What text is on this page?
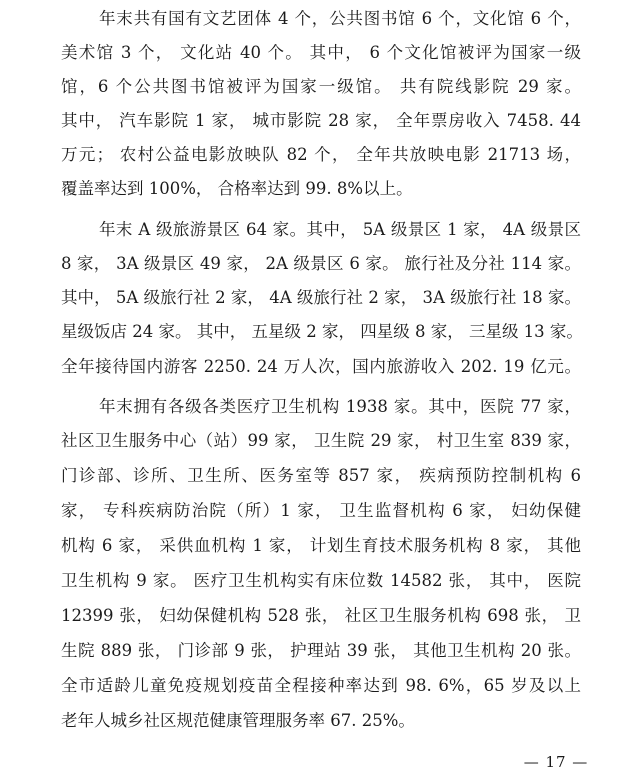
年末共有国有文艺团体 4 个，公共图书馆 6 个，文化馆 6 个，
美术馆 3 个， 文化站 40 个。 其中， 6 个文化馆被评为国家一级
馆，6 个公共图书馆被评为国家一级馆。 共有院线影院 29 家。
其中， 汽车影院 1 家， 城市影院 28 家， 全年票房收入 7458. 44
万元； 农村公益电影放映队 82 个， 全年共放映电影 21713 场，
覆盖率达到 100%， 合格率达到 99. 8%以上。
年末 A 级旅游景区 64 家。其中， 5A 级景区 1 家， 4A 级景区
8 家， 3A 级景区 49 家， 2A 级景区 6 家。 旅行社及分社 114 家。
其中， 5A 级旅行社 2 家， 4A 级旅行社 2 家， 3A 级旅行社 18 家。
星级饭店 24 家。 其中， 五星级 2 家， 四星级 8 家， 三星级 13 家。
全年接待国内游客 2250. 24 万人次，国内旅游收入 202. 19 亿元。
年末拥有各级各类医疗卫生机构 1938 家。其中，医院 77 家，
社区卫生服务中心（站）99 家， 卫生院 29 家， 村卫生室 839 家，
门诊部、诊所、卫生所、医务室等 857 家， 疾病预防控制机构 6
家， 专科疾病防治院（所）1 家， 卫生监督机构 6 家， 妇幼保健
机构 6 家， 采供血机构 1 家， 计划生育技术服务机构 8 家， 其他
卫生机构 9 家。 医疗卫生机构实有床位数 14582 张， 其中， 医院
12399 张， 妇幼保健机构 528 张， 社区卫生服务机构 698 张， 卫
生院 889 张， 门诊部 9 张， 护理站 39 张， 其他卫生机构 20 张。
全市适龄儿童免疫规划疫苗全程接种率达到 98. 6%，65 岁及以上
老年人城乡社区规范健康管理服务率 67. 25%。
— 17 —
